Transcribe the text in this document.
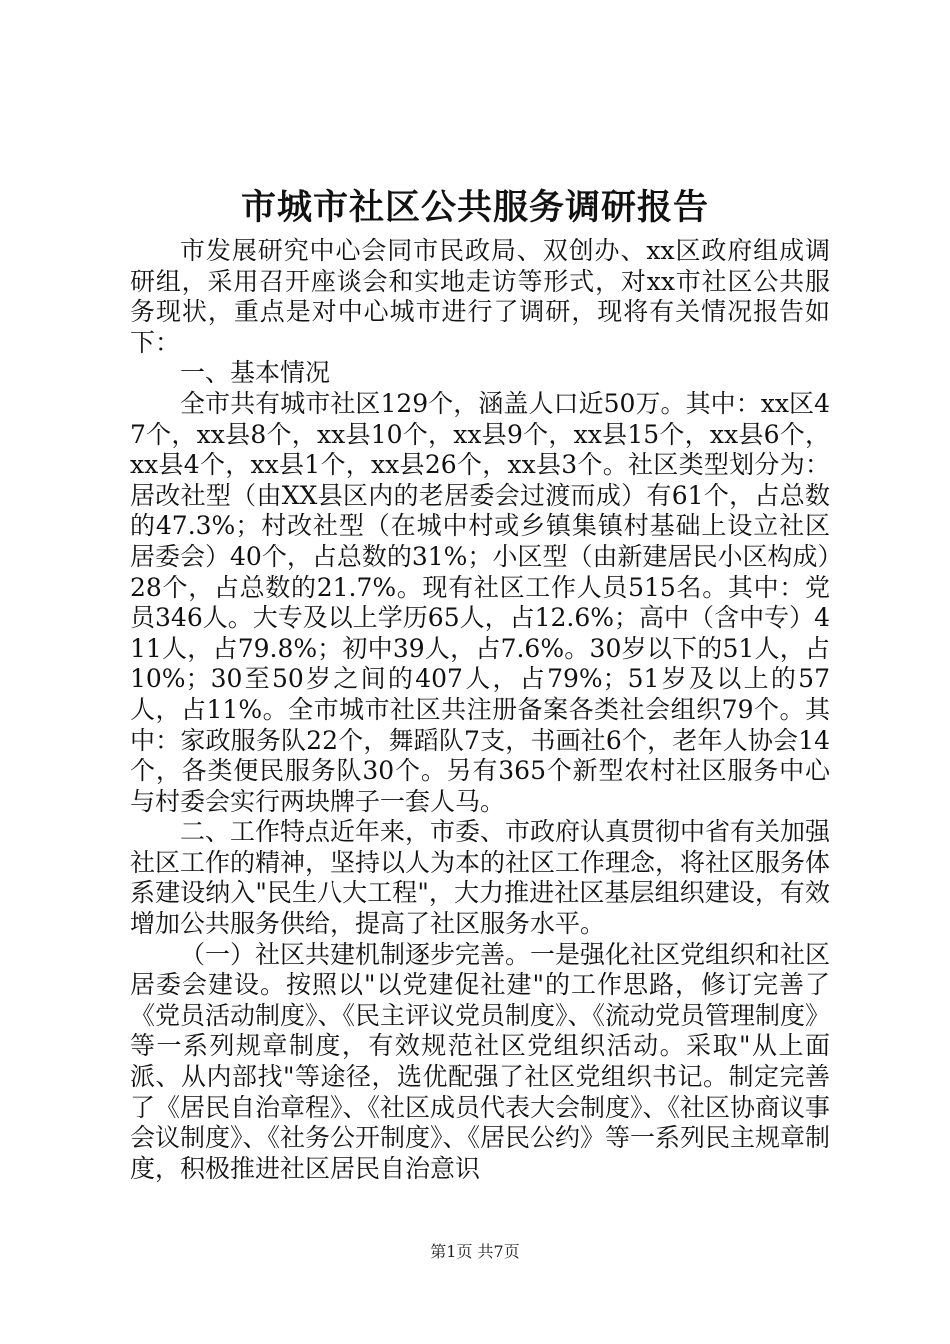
市城市社区公共服务调研报告

市发展研究中心会同市民政局、双创办、xx区政府组成调研组，采用召开座谈会和实地走访等形式，对xx市社区公共服务现状，重点是对中心城市进行了调研，现将有关情况报告如下：

一、基本情况

全市共有城市社区129个，涵盖人口近50万。其中：xx区47个，xx县8个，xx县10个，xx县9个，xx县15个，xx县6个，xx县4个，xx县1个，xx县26个，xx县3个。社区类型划分为：居改社型（由XX县区内的老居委会过渡而成）有61个，占总数的47.3%；村改社型（在城中村或乡镇集镇村基础上设立社区居委会）40个，占总数的31%；小区型（由新建居民小区构成）28个，占总数的21.7%。现有社区工作人员515名。其中：党员346人。大专及以上学历65人，占12.6%；高中（含中专）411人，占79.8%；初中39人，占7.6%。30岁以下的51人，占10%；30至50岁之间的407人，占79%；51岁及以上的57人，占11%。全市城市社区共注册备案各类社会组织79个。其中：家政服务队22个，舞蹈队7支，书画社6个，老年人协会14个，各类便民服务队30个。另有365个新型农村社区服务中心与村委会实行两块牌子一套人马。

二、工作特点近年来，市委、市政府认真贯彻中省有关加强社区工作的精神，坚持以人为本的社区工作理念，将社区服务体系建设纳入"民生八大工程"，大力推进社区基层组织建设，有效增加公共服务供给，提高了社区服务水平。

（一）社区共建机制逐步完善。一是强化社区党组织和社区居委会建设。按照以"以党建促社建"的工作思路，修订完善了《党员活动制度》、《民主评议党员制度》、《流动党员管理制度》等一系列规章制度，有效规范社区党组织活动。采取"从上面派、从内部找"等途径，选优配强了社区党组织书记。制定完善了《居民自治章程》、《社区成员代表大会制度》、《社区协商议事会议制度》、《社务公开制度》、《居民公约》等一系列民主规章制度，积极推进社区居民自治意识

第1页 共7页
